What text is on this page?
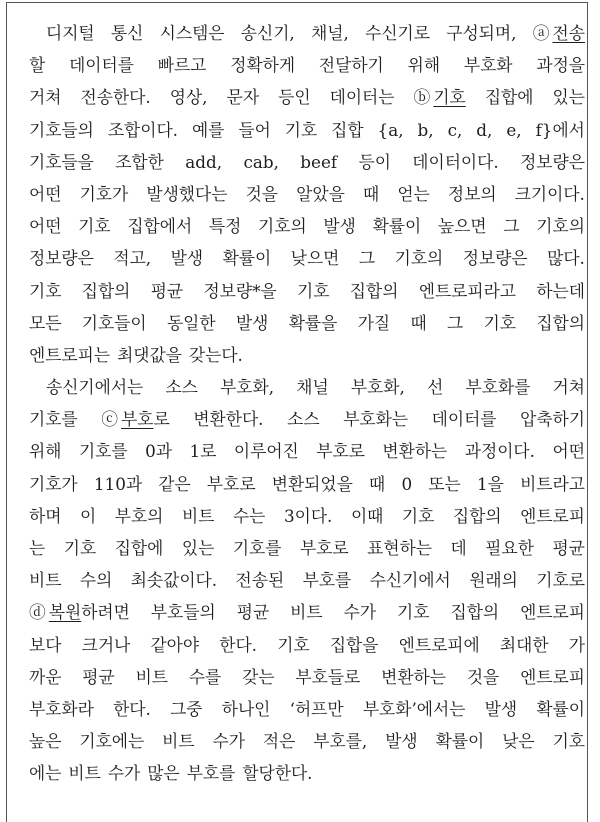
디지털 통신 시스템은 송신기, 채널, 수신기로 구성되며, ⓐ 전송
할 데이터를 빠르고 정확하게 전달하기 위해 부호화 과정을
거쳐 전송한다. 영상, 문자 등인 데이터는 ⓑ 기호 집합에 있는
기호들의 조합이다. 예를 들어 기호 집합 {a, b, c, d, e, f}에서
기호들을 조합한 add, cab, beef 등이 데이터이다. 정보량은
어떤 기호가 발생했다는 것을 알았을 때 얻는 정보의 크기이다.
어떤 기호 집합에서 특정 기호의 발생 확률이 높으면 그 기호의
정보량은 적고, 발생 확률이 낮으면 그 기호의 정보량은 많다.
기호 집합의 평균 정보량*을 기호 집합의 엔트로피라고 하는데
모든 기호들이 동일한 발생 확률을 가질 때 그 기호 집합의
엔트로피는 최댓값을 갖는다.
송신기에서는 소스 부호화, 채널 부호화, 선 부호화를 거쳐
기호를 ⓒ 부호로 변환한다. 소스 부호화는 데이터를 압축하기
위해 기호를 0과 1로 이루어진 부호로 변환하는 과정이다. 어떤
기호가 110과 같은 부호로 변환되었을 때 0 또는 1을 비트라고
하며 이 부호의 비트 수는 3이다. 이때 기호 집합의 엔트로피
는 기호 집합에 있는 기호를 부호로 표현하는 데 필요한 평균
비트 수의 최솟값이다. 전송된 부호를 수신기에서 원래의 기호로
ⓓ 복원하려면 부호들의 평균 비트 수가 기호 집합의 엔트로피
보다 크거나 같아야 한다. 기호 집합을 엔트로피에 최대한 가
까운 평균 비트 수를 갖는 부호들로 변환하는 것을 엔트로피
부호화라 한다. 그중 하나인 ‘허프만 부호화’에서는 발생 확률이
높은 기호에는 비트 수가 적은 부호를, 발생 확률이 낮은 기호
에는 비트 수가 많은 부호를 할당한다.
